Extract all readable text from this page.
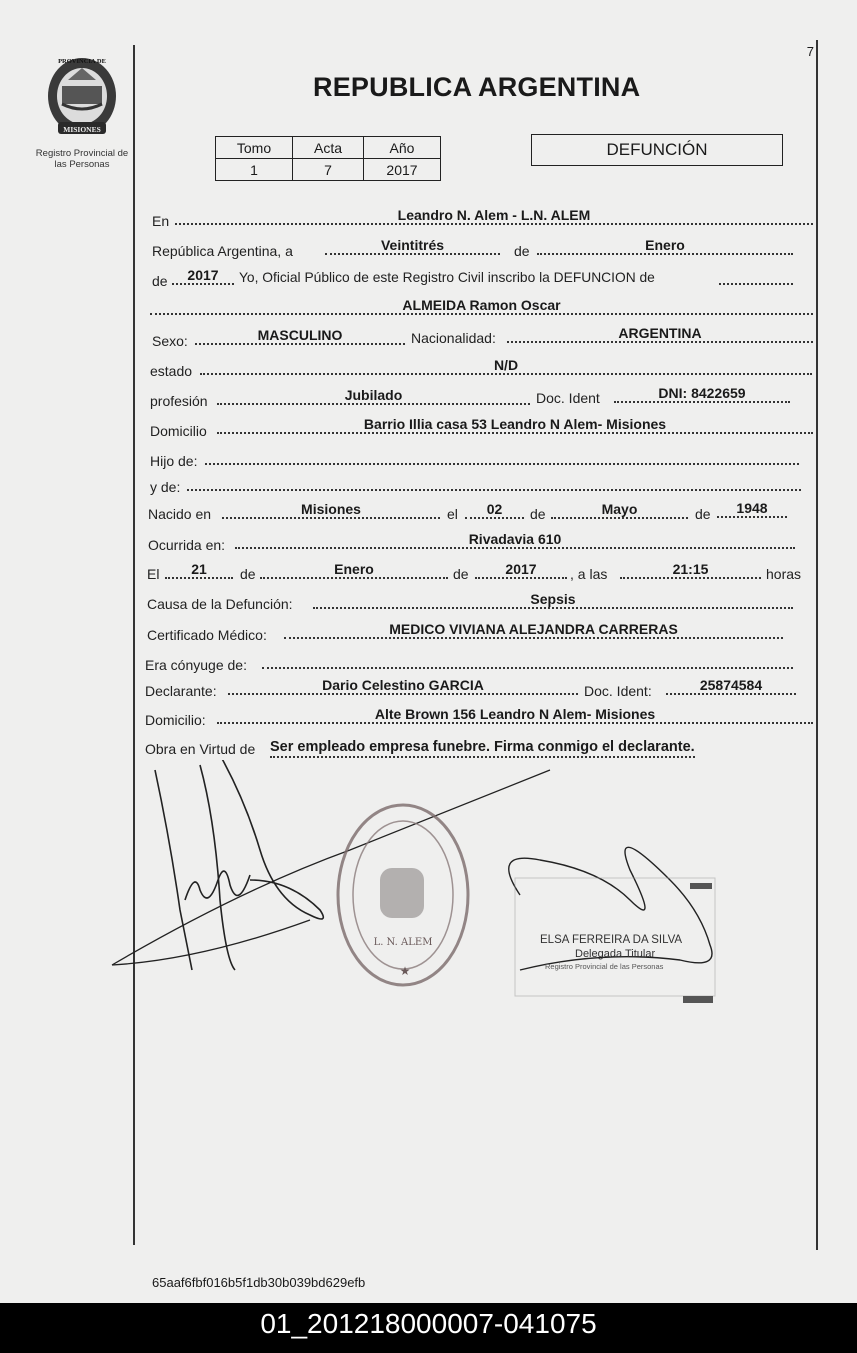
7
PROVINCIA DE
MISIONES
Registro Provincial de
las Personas
REPUBLICA ARGENTINA
Tomo	Acta	Año
1	7	2017
DEFUNCIÓN
En	Leandro N. Alem - L.N. ALEM
República Argentina, a	Veintitrés	de	Enero
de	2017	Yo, Oficial Público de este Registro Civil inscribo la DEFUNCION de
ALMEIDA Ramon Oscar
Sexo:	MASCULINO	Nacionalidad:	ARGENTINA
estado	N/D
profesión	Jubilado	Doc. Ident	DNI: 8422659
Domicilio	Barrio Illia casa 53 Leandro N Alem- Misiones
Hijo de:
y de:
Nacido en	Misiones	el	02	de	Mayo	de	1948
Ocurrida en:	Rivadavia 610
El	21	de	Enero	de	2017	, a las	21:15	horas
Causa de la Defunción:	Sepsis
Certificado Médico:	MEDICO VIVIANA ALEJANDRA CARRERAS
Era cónyuge de:
Declarante:	Dario Celestino GARCIA	Doc. Ident:	25874584
Domicilio:	Alte Brown 156 Leandro N Alem- Misiones
Obra en Virtud de Ser empleado empresa funebre. Firma conmigo el declarante.
L. N. ALEM
★
ELSA FERREIRA DA SILVA
Delegada Titular
Registro Provincial de las Personas
65aaf6fbf016b5f1db30b039bd629efb
01_201218000007-041075
